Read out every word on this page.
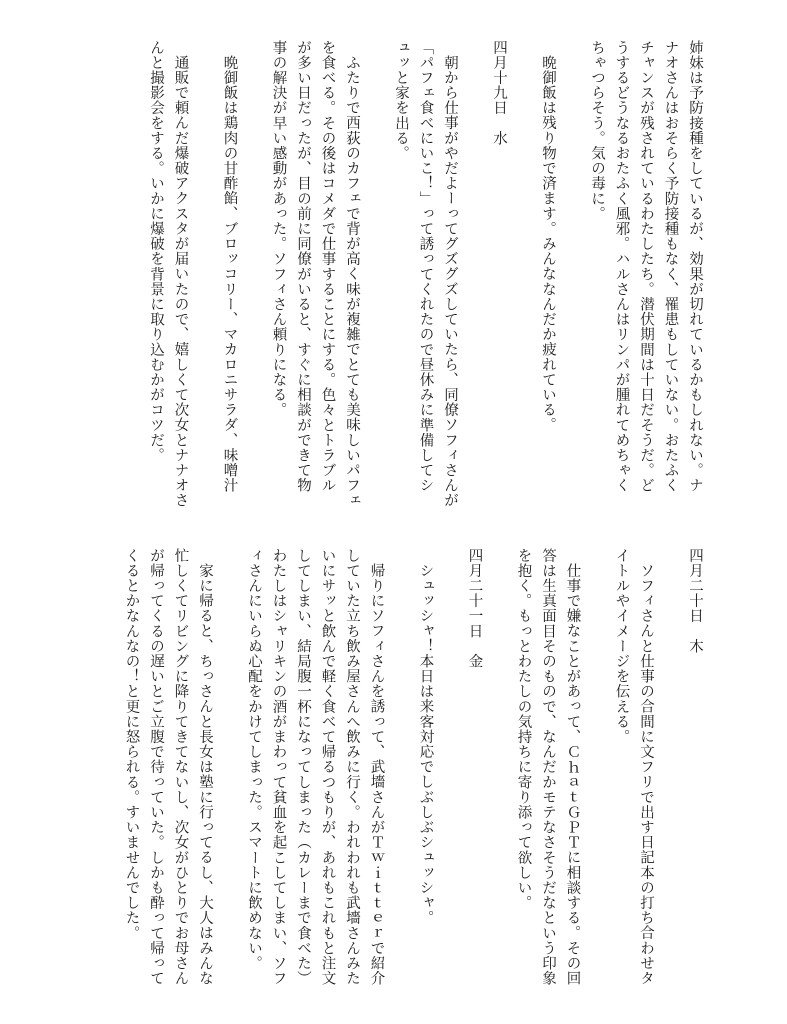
姉妹は予防接種をしているが、効果が切れているかもしれない。ナナオさんはおそらく予防接種もなく、罹患もしていない。おたふくチャンスが残されているわたしたち。潜伏期間は十日だそうだ。どうするどうなるおたふく風邪。ハルさんはリンパが腫れてめちゃくちゃつらそう。気の毒に。

晩御飯は残り物で済ます。みんななんだか疲れている。

四月十九日　水

朝から仕事がやだよーってグズグズしていたら、同僚ソフィさんが「パフェ食べにいこ！」って誘ってくれたので昼休みに準備してシュッと家を出る。

ふたりで西荻のカフェで背が高く味が複雑でとても美味しいパフェを食べる。その後はコメダで仕事することにする。色々とトラブルが多い日だったが、目の前に同僚がいると、すぐに相談ができて物事の解決が早い感動があった。ソフィさん頼りになる。

晩御飯は鶏肉の甘酢餡、ブロッコリー、マカロニサラダ、味噌汁

通販で頼んだ爆破アクスタが届いたので、嬉しくて次女とナナオさんと撮影会をする。いかに爆破を背景に取り込むかがコツだ。

四月二十日　木

ソフィさんと仕事の合間に文フリで出す日記本の打ち合わせタイトルやイメージを伝える。

仕事で嫌なことがあって、ＣｈａｔＧＰＴに相談する。その回答は生真面目そのもので、なんだかモテなさそうだなという印象を抱く。もっとわたしの気持ちに寄り添って欲しい。

四月二十一日　金

シュッシャ！本日は来客対応でしぶしぶシュッシャ。

帰りにソフィさんを誘って、武墻さんがＴｗｉｔｔｅｒで紹介していた立ち飲み屋さんへ飲みに行く。われわれも武墻さんみたいにサッと飲んで軽く食べて帰るつもりが、あれもこれもと注文してしまい、結局腹一杯になってしまった（カレーまで食べた）わたしはシャリキンの酒がまわって貧血を起こしてしまい、ソフィさんにいらぬ心配をかけてしまった。スマートに飲めない。

家に帰ると、ちっさんと長女は塾に行ってるし、大人はみんな忙しくてリビングに降りてきてないし、次女がひとりでお母さんが帰ってくるの遅いとご立腹で待っていた。しかも酔って帰ってくるとかなんなの！と更に怒られる。すいませんでした。
